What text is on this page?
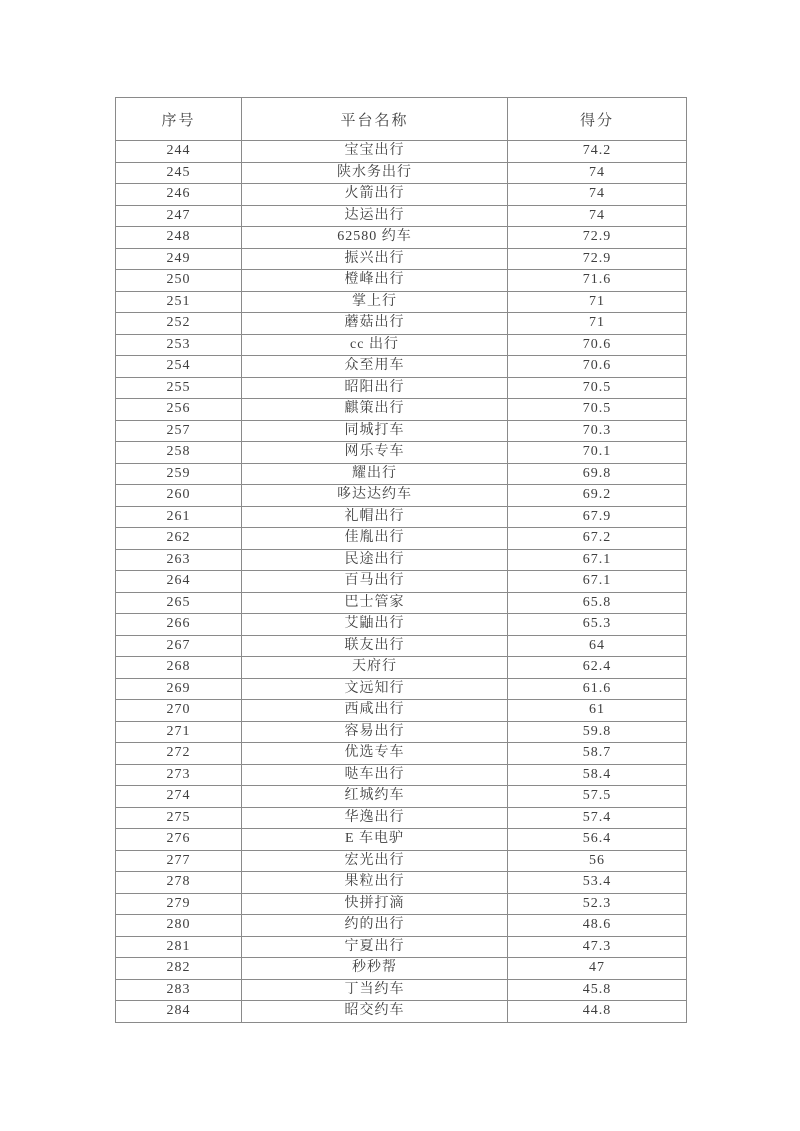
序号	平台名称	得分
244	宝宝出行	74.2
245	陕水务出行	74
246	火箭出行	74
247	达运出行	74
248	62580 约车	72.9
249	振兴出行	72.9
250	橙峰出行	71.6
251	掌上行	71
252	蘑菇出行	71
253	cc 出行	70.6
254	众至用车	70.6
255	昭阳出行	70.5
256	麒策出行	70.5
257	同城打车	70.3
258	网乐专车	70.1
259	耀出行	69.8
260	哆达达约车	69.2
261	礼帽出行	67.9
262	佳胤出行	67.2
263	民途出行	67.1
264	百马出行	67.1
265	巴士管家	65.8
266	艾鼬出行	65.3
267	联友出行	64
268	天府行	62.4
269	文远知行	61.6
270	西咸出行	61
271	容易出行	59.8
272	优选专车	58.7
273	哒车出行	58.4
274	红城约车	57.5
275	华逸出行	57.4
276	E 车电驴	56.4
277	宏光出行	56
278	果粒出行	53.4
279	快拼打滴	52.3
280	约的出行	48.6
281	宁夏出行	47.3
282	秒秒帮	47
283	丁当约车	45.8
284	昭交约车	44.8
